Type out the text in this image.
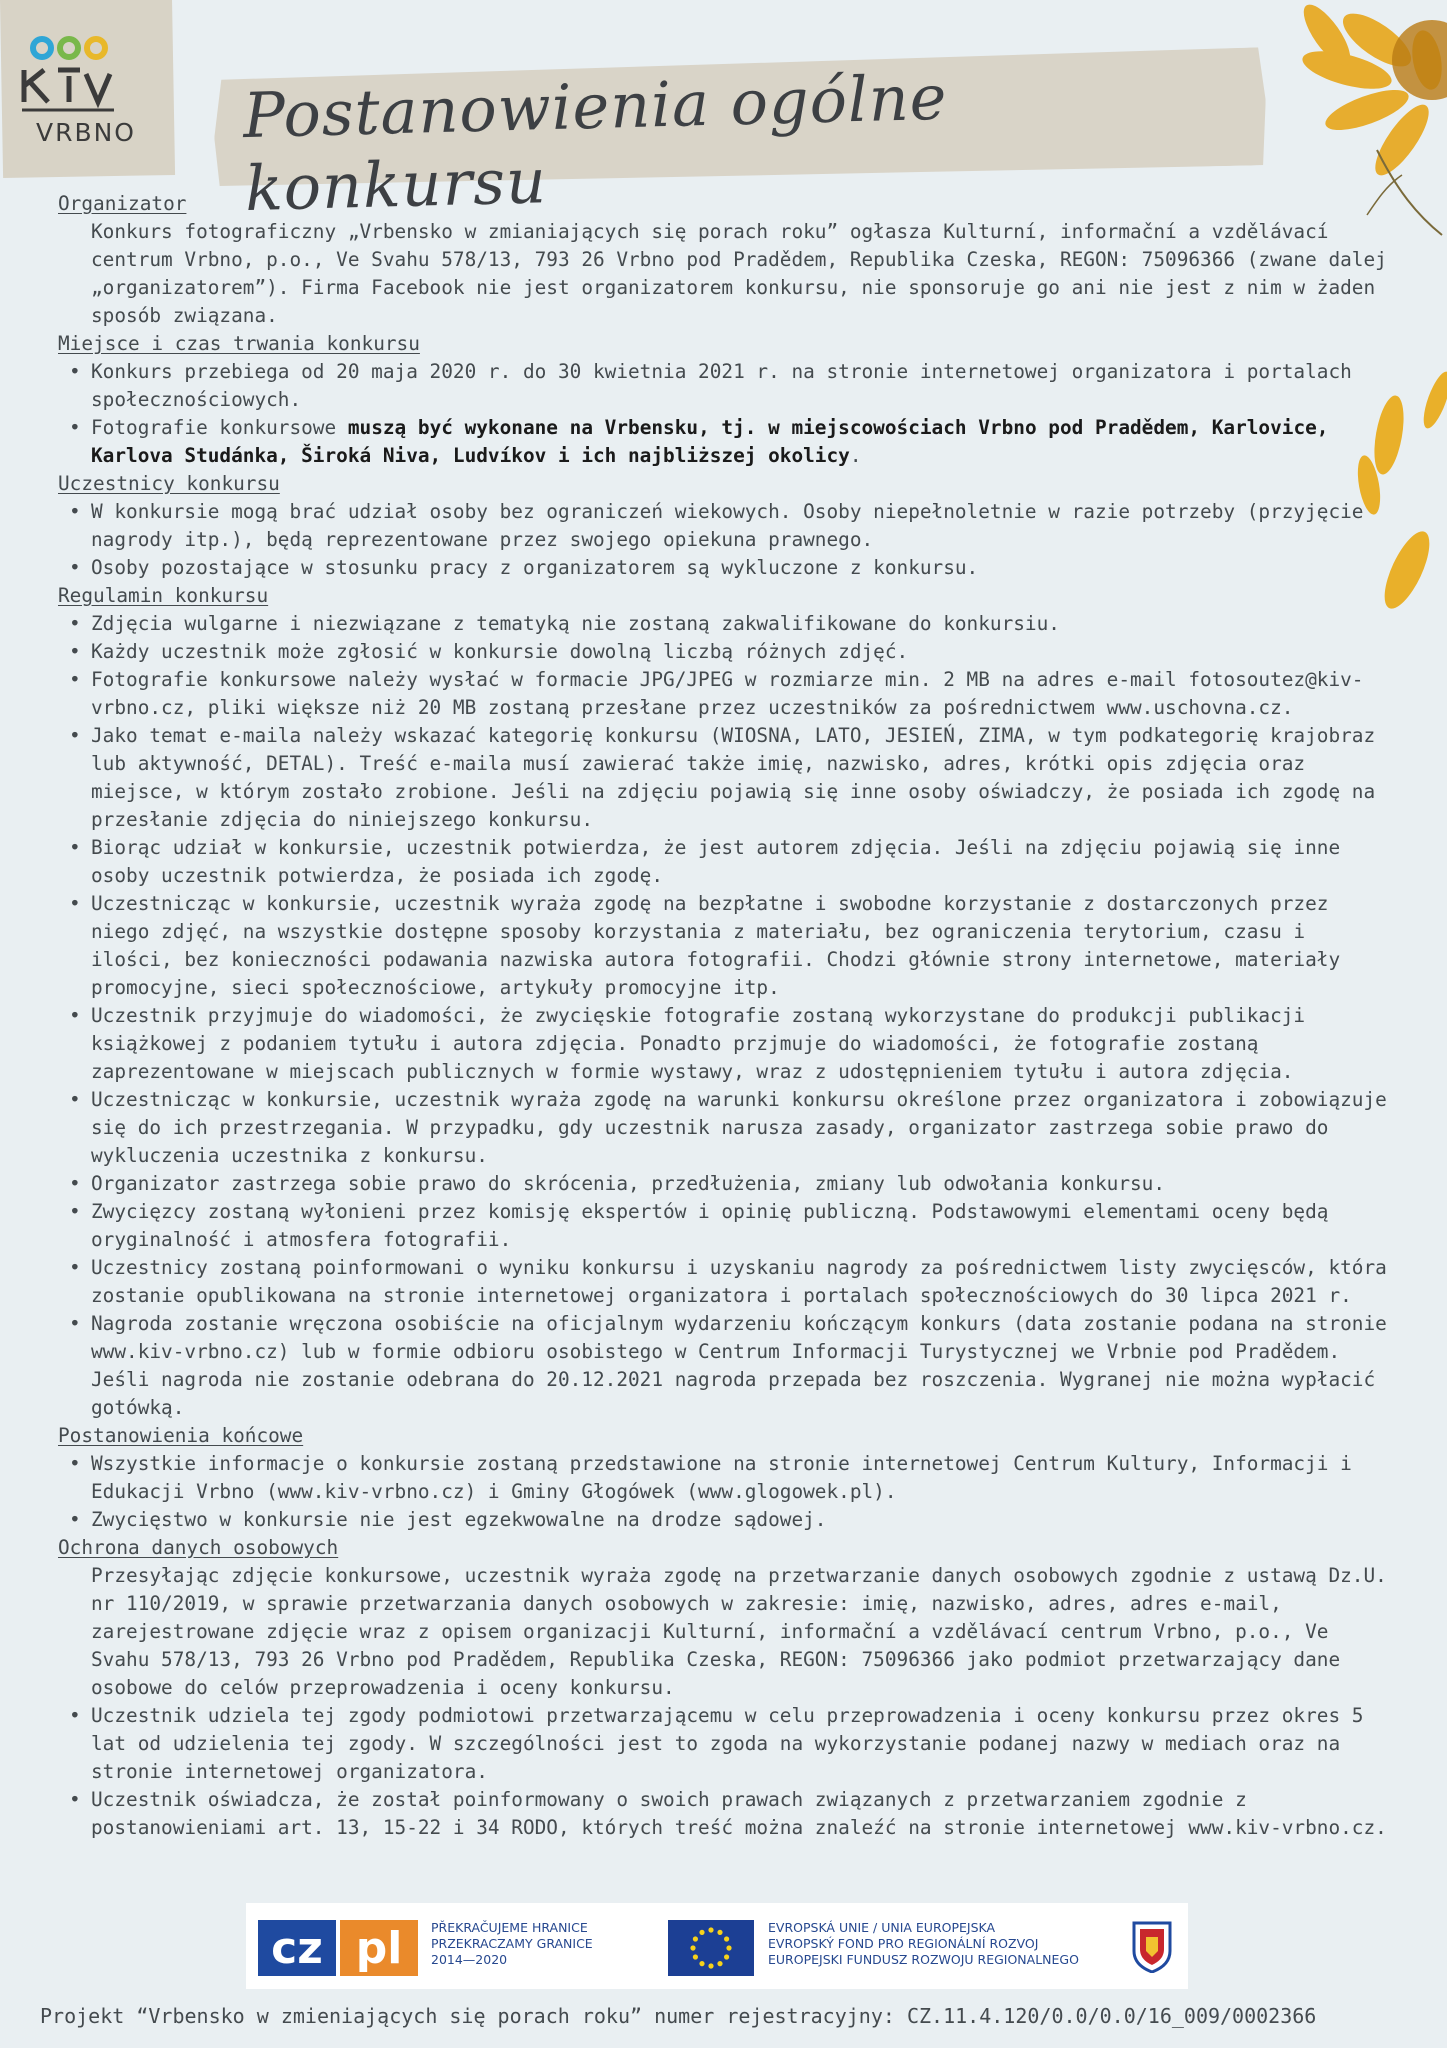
VRBNO Postanowienia ogólne konkursu
Organizator
Konkurs fotograficzny „Vrbensko w zmianiających się porach roku” ogłasza Kulturní, informační a vzdělávací centrum Vrbno, p.o., Ve Svahu 578/13, 793 26 Vrbno pod Pradědem, Republika Czeska, REGON: 75096366 (zwane dalej „organizatorem”). Firma Facebook nie jest organizatorem konkursu, nie sponsoruje go ani nie jest z nim w żaden sposób związana.
Miejsce i czas trwania konkursu
• Konkurs przebiega od 20 maja 2020 r. do 30 kwietnia 2021 r. na stronie internetowej organizatora i portalach społecznościowych.
• Fotografie konkursowe muszą być wykonane na Vrbensku, tj. w miejscowościach Vrbno pod Pradědem, Karlovice, Karlova Studánka, Široká Niva, Ludvíkov i ich najbliższej okolicy.
Uczestnicy konkursu
• W konkursie mogą brać udział osoby bez ograniczeń wiekowych. Osoby niepełnoletnie w razie potrzeby (przyjęcie nagrody itp.), będą reprezentowane przez swojego opiekuna prawnego.
• Osoby pozostające w stosunku pracy z organizatorem są wykluczone z konkursu.
Regulamin konkursu
• Zdjęcia wulgarne i niezwiązane z tematyką nie zostaną zakwalifikowane do konkursiu.
• Każdy uczestnik może zgłosić w konkursie dowolną liczbą różnych zdjęć.
• Fotografie konkursowe należy wysłać w formacie JPG/JPEG w rozmiarze min. 2 MB na adres e-mail fotosoutez@kiv-vrbno.cz, pliki większe niż 20 MB zostaną przesłane przez uczestników za pośrednictwem www.uschovna.cz.
• Jako temat e-maila należy wskazać kategorię konkursu (WIOSNA, LATO, JESIEŃ, ZIMA, w tym podkategorię krajobraz lub aktywność, DETAL). Treść e-maila musí zawierać także imię, nazwisko, adres, krótki opis zdjęcia oraz miejsce, w którym zostało zrobione. Jeśli na zdjęciu pojawią się inne osoby oświadczy, że posiada ich zgodę na przesłanie zdjęcia do niniejszego konkursu.
• Biorąc udział w konkursie, uczestnik potwierdza, że jest autorem zdjęcia. Jeśli na zdjęciu pojawią się inne osoby uczestnik potwierdza, że posiada ich zgodę.
• Uczestnicząc w konkursie, uczestnik wyraża zgodę na bezpłatne i swobodne korzystanie z dostarczonych przez niego zdjęć, na wszystkie dostępne sposoby korzystania z materiału, bez ograniczenia terytorium, czasu i ilości, bez konieczności podawania nazwiska autora fotografii. Chodzi głównie strony internetowe, materiały promocyjne, sieci społecznościowe, artykuły promocyjne itp.
• Uczestnik przyjmuje do wiadomości, że zwycięskie fotografie zostaną wykorzystane do produkcji publikacji książkowej z podaniem tytułu i autora zdjęcia. Ponadto przjmuje do wiadomości, że fotografie zostaną zaprezentowane w miejscach publicznych w formie wystawy, wraz z udostępnieniem tytułu i autora zdjęcia.
• Uczestnicząc w konkursie, uczestnik wyraża zgodę na warunki konkursu określone przez organizatora i zobowiązuje się do ich przestrzegania. W przypadku, gdy uczestnik narusza zasady, organizator zastrzega sobie prawo do wykluczenia uczestnika z konkursu.
• Organizator zastrzega sobie prawo do skrócenia, przedłużenia, zmiany lub odwołania konkursu.
• Zwycięzcy zostaną wyłonieni przez komisję ekspertów i opinię publiczną. Podstawowymi elementami oceny będą oryginalność i atmosfera fotografii.
• Uczestnicy zostaną poinformowani o wyniku konkursu i uzyskaniu nagrody za pośrednictwem listy zwycięsców, która zostanie opublikowana na stronie internetowej organizatora i portalach społecznościowych do 30 lipca 2021 r.
• Nagroda zostanie wręczona osobiście na oficjalnym wydarzeniu kończącym konkurs (data zostanie podana na stronie www.kiv-vrbno.cz) lub w formie odbioru osobistego w Centrum Informacji Turystycznej we Vrbnie pod Pradědem. Jeśli nagroda nie zostanie odebrana do 20.12.2021 nagroda przepada bez roszczenia. Wygranej nie można wypłacić gotówką.
Postanowienia końcowe
• Wszystkie informacje o konkursie zostaną przedstawione na stronie internetowej Centrum Kultury, Informacji i Edukacji Vrbno (www.kiv-vrbno.cz) i Gminy Głogówek (www.glogowek.pl).
• Zwycięstwo w konkursie nie jest egzekwowalne na drodze sądowej.
Ochrona danych osobowych
Przesyłając zdjęcie konkursowe, uczestnik wyraża zgodę na przetwarzanie danych osobowych zgodnie z ustawą Dz.U. nr 110/2019, w sprawie przetwarzania danych osobowych w zakresie: imię, nazwisko, adres, adres e-mail, zarejestrowane zdjęcie wraz z opisem organizacji Kulturní, informační a vzdělávací centrum Vrbno, p.o., Ve Svahu 578/13, 793 26 Vrbno pod Pradědem, Republika Czeska, REGON: 75096366 jako podmiot przetwarzający dane osobowe do celów przeprowadzenia i oceny konkursu.
• Uczestnik udziela tej zgody podmiotowi przetwarzającemu w celu przeprowadzenia i oceny konkursu przez okres 5 lat od udzielenia tej zgody. W szczególności jest to zgoda na wykorzystanie podanej nazwy w mediach oraz na stronie internetowej organizatora.
• Uczestnik oświadcza, że został poinformowany o swoich prawach związanych z przetwarzaniem zgodnie z postanowieniami art. 13, 15-22 i 34 RODO, których treść można znaleźć na stronie internetowej www.kiv-vrbno.cz.
cz pl PŘEKRAČUJEME HRANICE
PRZEKRACZAMY GRANICE
2014—2020
EVROPSKÁ UNIE / UNIA EUROPEJSKA
EVROPSKÝ FOND PRO REGIONÁLNÍ ROZVOJ
EUROPEJSKI FUNDUSZ ROZWOJU REGIONALNEGO
Projekt “Vrbensko w zmieniających się porach roku” numer rejestracyjny: CZ.11.4.120/0.0/0.0/16_009/0002366
